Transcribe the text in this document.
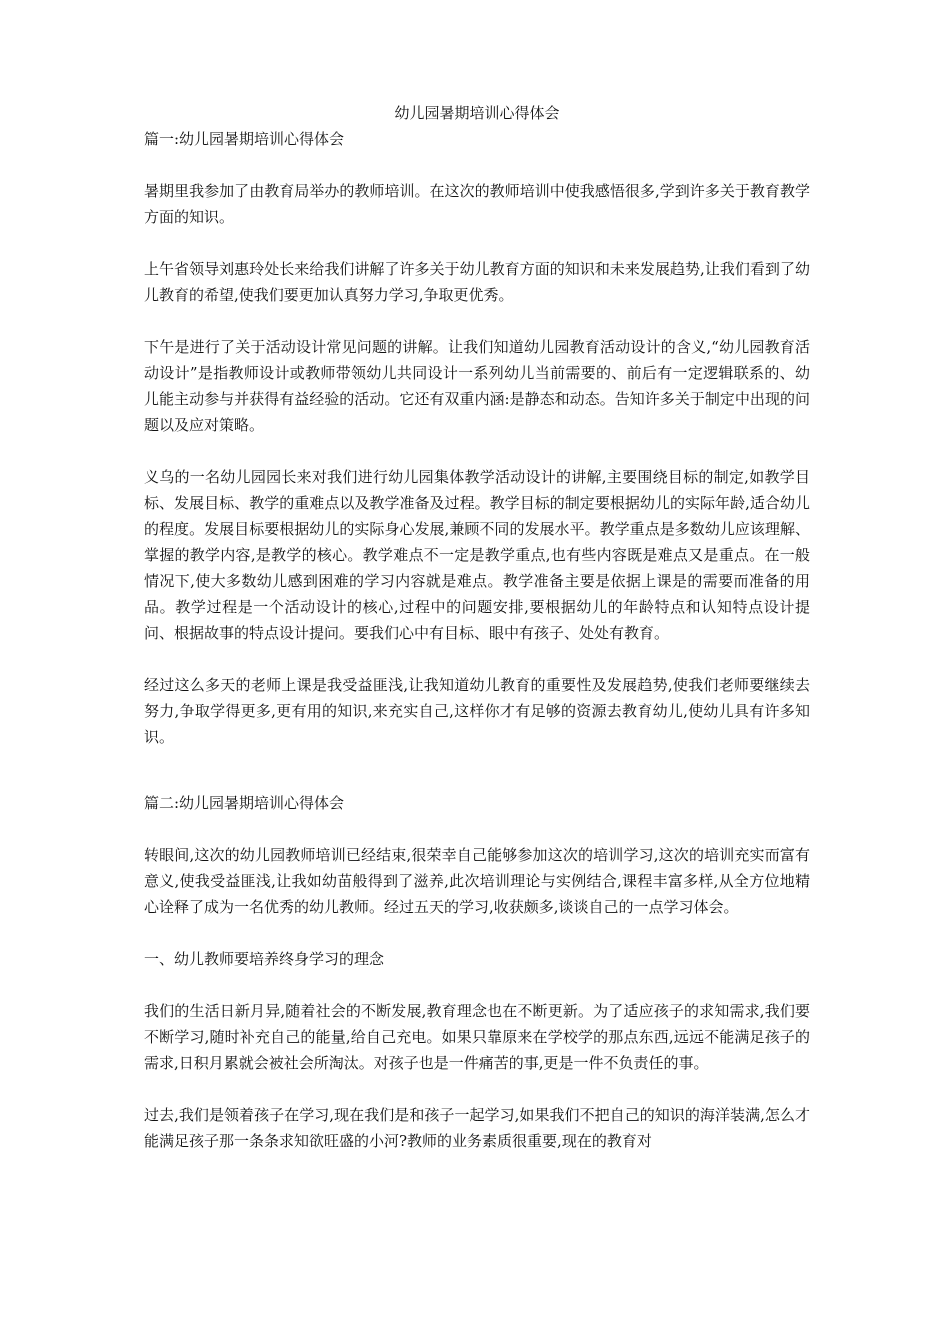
幼儿园暑期培训心得体会

篇一:幼儿园暑期培训心得体会

暑期里我参加了由教育局举办的教师培训。在这次的教师培训中使我感悟很多,学到许多关于教育教学方面的知识。

上午省领导刘惠玲处长来给我们讲解了许多关于幼儿教育方面的知识和未来发展趋势,让我们看到了幼儿教育的希望,使我们要更加认真努力学习,争取更优秀。

下午是进行了关于活动设计常见问题的讲解。让我们知道幼儿园教育活动设计的含义,“幼儿园教育活动设计”是指教师设计或教师带领幼儿共同设计一系列幼儿当前需要的、前后有一定逻辑联系的、幼儿能主动参与并获得有益经验的活动。它还有双重内涵:是静态和动态。告知许多关于制定中出现的问题以及应对策略。

义乌的一名幼儿园园长来对我们进行幼儿园集体教学活动设计的讲解,主要围绕目标的制定,如教学目标、发展目标、教学的重难点以及教学准备及过程。教学目标的制定要根据幼儿的实际年龄,适合幼儿的程度。发展目标要根据幼儿的实际身心发展,兼顾不同的发展水平。教学重点是多数幼儿应该理解、掌握的教学内容,是教学的核心。教学难点不一定是教学重点,也有些内容既是难点又是重点。在一般情况下,使大多数幼儿感到困难的学习内容就是难点。教学准备主要是依据上课是的需要而准备的用品。教学过程是一个活动设计的核心,过程中的问题安排,要根据幼儿的年龄特点和认知特点设计提问、根据故事的特点设计提问。要我们心中有目标、眼中有孩子、处处有教育。

经过这么多天的老师上课是我受益匪浅,让我知道幼儿教育的重要性及发展趋势,使我们老师要继续去努力,争取学得更多,更有用的知识,来充实自己,这样你才有足够的资源去教育幼儿,使幼儿具有许多知识。

篇二:幼儿园暑期培训心得体会

转眼间,这次的幼儿园教师培训已经结束,很荣幸自己能够参加这次的培训学习,这次的培训充实而富有意义,使我受益匪浅,让我如幼苗般得到了滋养,此次培训理论与实例结合,课程丰富多样,从全方位地精心诠释了成为一名优秀的幼儿教师。经过五天的学习,收获颇多,谈谈自己的一点学习体会。

一、幼儿教师要培养终身学习的理念

我们的生活日新月异,随着社会的不断发展,教育理念也在不断更新。为了适应孩子的求知需求,我们要不断学习,随时补充自己的能量,给自己充电。如果只靠原来在学校学的那点东西,远远不能满足孩子的需求,日积月累就会被社会所淘汰。对孩子也是一件痛苦的事,更是一件不负责任的事。

过去,我们是领着孩子在学习,现在我们是和孩子一起学习,如果我们不把自己的知识的海洋装满,怎么才能满足孩子那一条条求知欲旺盛的小河?教师的业务素质很重要,现在的教育对
